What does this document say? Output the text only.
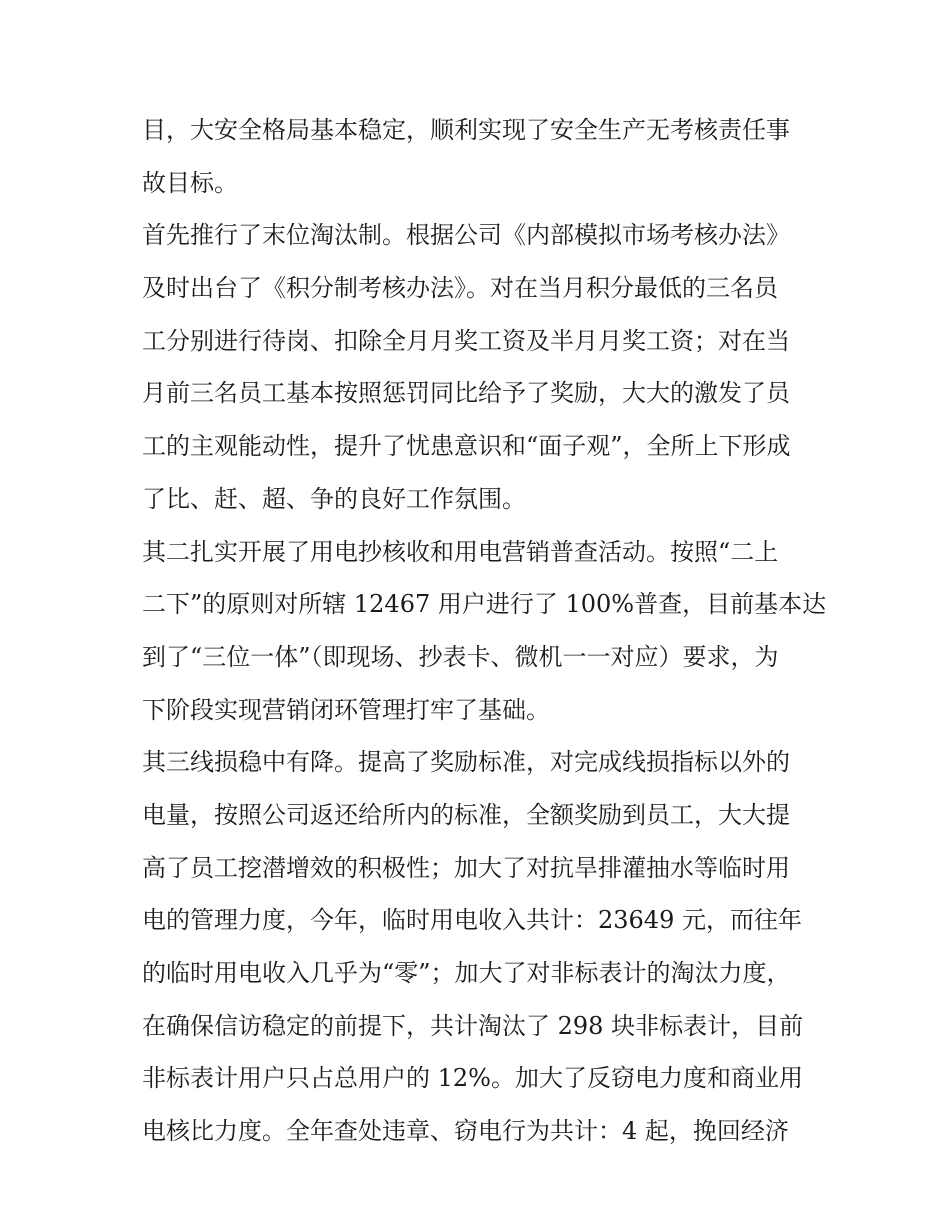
目，大安全格局基本稳定，顺利实现了安全生产无考核责任事
故目标。
首先推行了末位淘汰制。根据公司《内部模拟市场考核办法》
及时出台了《积分制考核办法》。对在当月积分最低的三名员
工分别进行待岗、扣除全月月奖工资及半月月奖工资；对在当
月前三名员工基本按照惩罚同比给予了奖励，大大的激发了员
工的主观能动性，提升了忧患意识和“面子观”，全所上下形成
了比、赶、超、争的良好工作氛围。
其二扎实开展了用电抄核收和用电营销普查活动。按照“二上
二下”的原则对所辖 12467 用户进行了 100%普查，目前基本达
到了“三位一体”（即现场、抄表卡、微机一一对应）要求，为
下阶段实现营销闭环管理打牢了基础。
其三线损稳中有降。提高了奖励标准，对完成线损指标以外的
电量，按照公司返还给所内的标准，全额奖励到员工，大大提
高了员工挖潜增效的积极性；加大了对抗旱排灌抽水等临时用
电的管理力度，今年，临时用电收入共计：23649 元，而往年
的临时用电收入几乎为“零”；加大了对非标表计的淘汰力度，
在确保信访稳定的前提下，共计淘汰了 298 块非标表计，目前
非标表计用户只占总用户的 12%。加大了反窃电力度和商业用
电核比力度。全年查处违章、窃电行为共计：4 起，挽回经济
